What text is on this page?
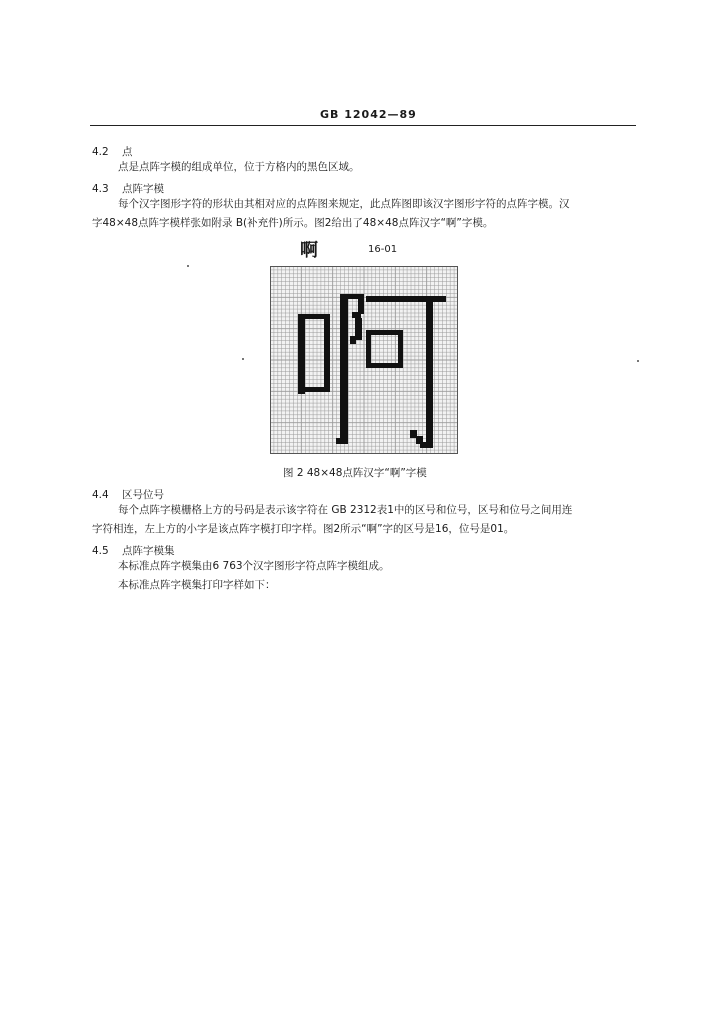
GB 12042—89
4.2 点
点是点阵字模的组成单位，位于方格内的黑色区域。
4.3 点阵字模
每个汉字图形字符的形状由其相对应的点阵图来规定，此点阵图即该汉字图形字符的点阵字模。汉
字48×48点阵字模样张如附录 B(补充件)所示。图2给出了48×48点阵汉字“啊”字模。
啊	16-01
图 2 48×48点阵汉字“啊”字模
4.4 区号位号
每个点阵字模栅格上方的号码是表示该字符在 GB 2312表1中的区号和位号，区号和位号之间用连
字符相连，左上方的小字是该点阵字模打印字样。图2所示“啊”字的区号是16，位号是01。
4.5 点阵字模集
本标准点阵字模集由6 763个汉字图形字符点阵字模组成。
本标准点阵字模集打印字样如下：
